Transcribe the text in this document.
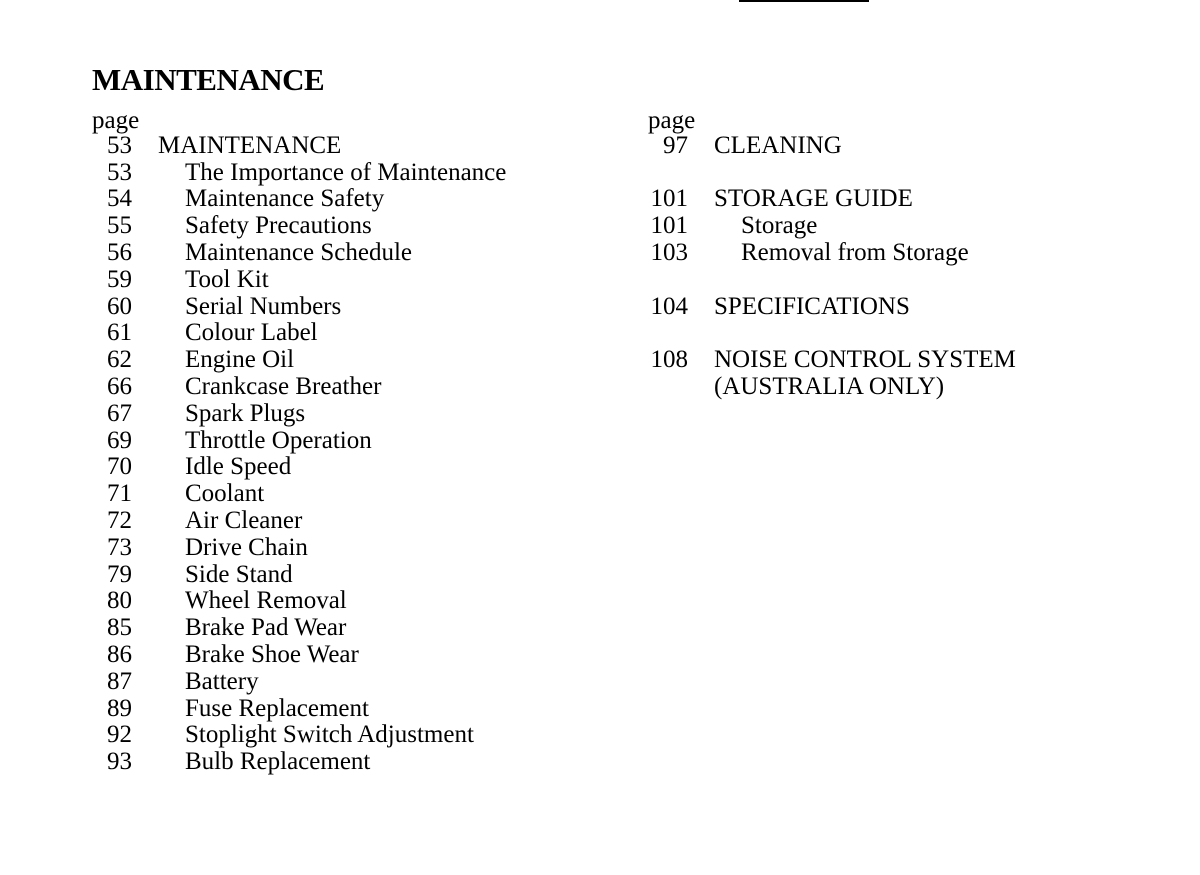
MAINTENANCE
page
53	MAINTENANCE
53	The Importance of Maintenance
54	Maintenance Safety
55	Safety Precautions
56	Maintenance Schedule
59	Tool Kit
60	Serial Numbers
61	Colour Label
62	Engine Oil
66	Crankcase Breather
67	Spark Plugs
69	Throttle Operation
70	Idle Speed
71	Coolant
72	Air Cleaner
73	Drive Chain
79	Side Stand
80	Wheel Removal
85	Brake Pad Wear
86	Brake Shoe Wear
87	Battery
89	Fuse Replacement
92	Stoplight Switch Adjustment
93	Bulb Replacement
page
97	CLEANING
101	STORAGE GUIDE
101	Storage
103	Removal from Storage
104	SPECIFICATIONS
108	NOISE CONTROL SYSTEM
(AUSTRALIA ONLY)
